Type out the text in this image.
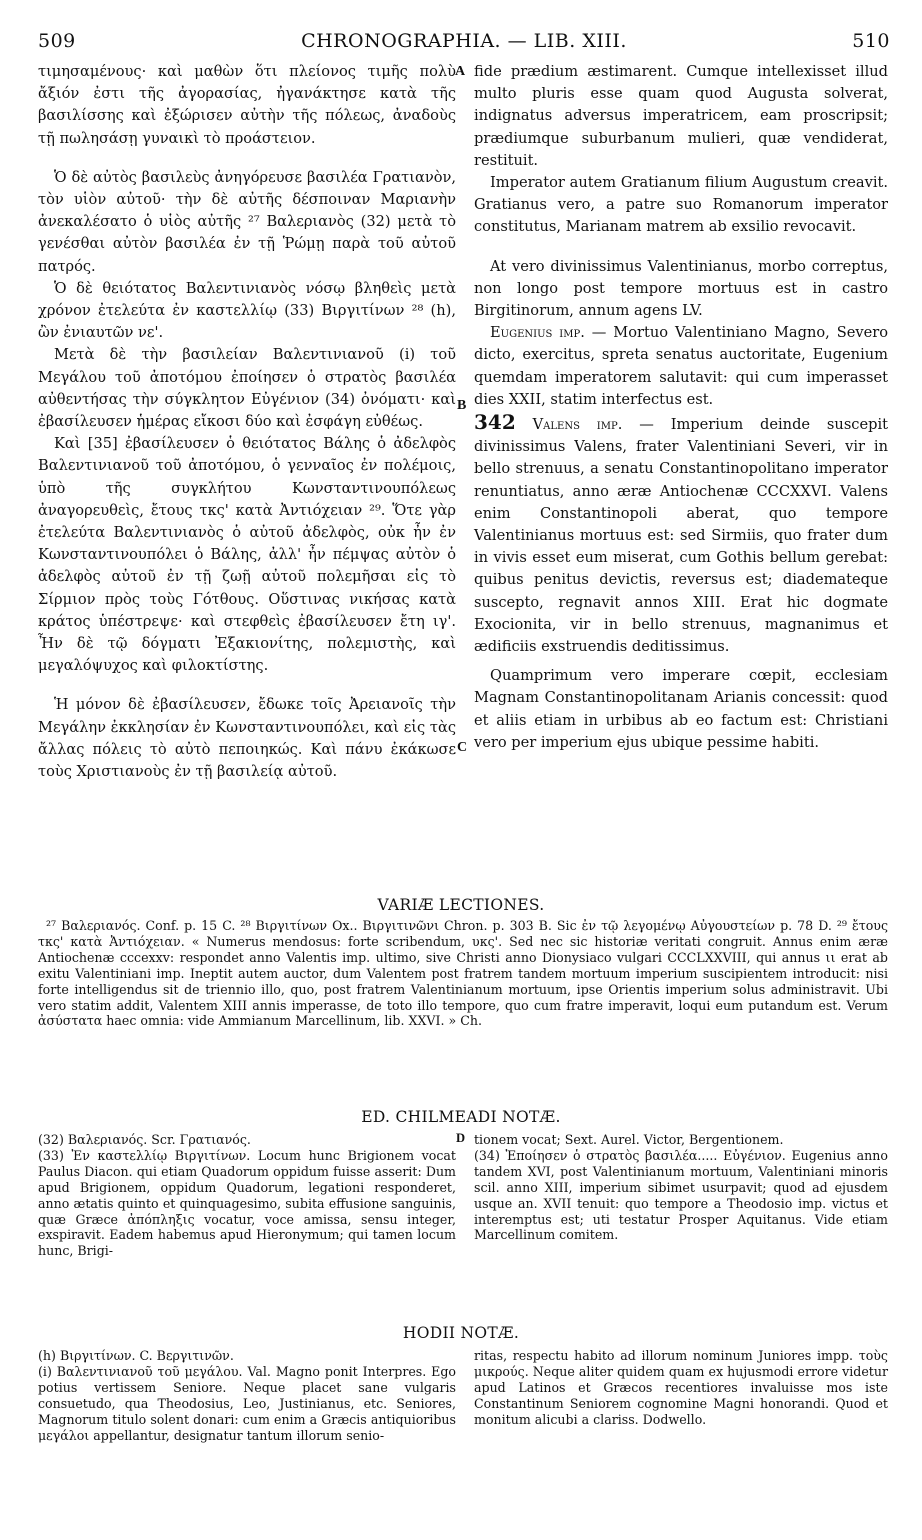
509	CHRONOGRAPHIA. — LIB. XIII.	510
A
B
C

τιμησαμένους· καὶ μαθὼν ὅτι πλείονος τιμῆς πολὺ ἄξιόν ἐστι τῆς ἀγορασίας, ἠγανάκτησε κατὰ τῆς βασιλίσσης καὶ ἐξώρισεν αὐτὴν τῆς πόλεως, ἀναδοὺς τῇ πωλησάσῃ γυναικὶ τὸ προάστειον.

Ὁ δὲ αὐτὸς βασιλεὺς ἀνηγόρευσε βασιλέα Γρατιανὸν, τὸν υἱὸν αὐτοῦ· τὴν δὲ αὐτῆς δέσποιναν Μαριανὴν ἀνεκαλέσατο ὁ υἱὸς αὐτῆς ²⁷ Βαλεριανὸς (32) μετὰ τὸ γενέσθαι αὐτὸν βασιλέα ἐν τῇ Ῥώμῃ παρὰ τοῦ αὐτοῦ πατρός.

Ὁ δὲ θειότατος Βαλεντινιανὸς νόσῳ βληθεὶς μετὰ χρόνον ἐτελεύτα ἐν καστελλίῳ (33) Βιργιτίνων ²⁸ (h), ὢν ἐνιαυτῶν νε'.

Μετὰ δὲ τὴν βασιλείαν Βαλεντινιανοῦ (i) τοῦ Μεγάλου τοῦ ἀποτόμου ἐποίησεν ὁ στρατὸς βασιλέα αὐθεντήσας τὴν σύγκλητον Εὐγένιον (34) ὀνόματι· καὶ ἐβασίλευσεν ἡμέρας εἴκοσι δύο καὶ ἐσφάγη εὐθέως.

Καὶ [35] ἐβασίλευσεν ὁ θειότατος Βάλης ὁ ἀδελφὸς Βαλεντινιανοῦ τοῦ ἀποτόμου, ὁ γενναῖος ἐν πολέμοις, ὑπὸ τῆς συγκλήτου Κωνσταντινουπόλεως ἀναγορευθεὶς, ἔτους τκς' κατὰ Ἀντιόχειαν ²⁹. Ὅτε γὰρ ἐτελεύτα Βαλεντινιανὸς ὁ αὐτοῦ ἀδελφὸς, οὐκ ἦν ἐν Κωνσταντινουπόλει ὁ Βάλης, ἀλλ' ἦν πέμψας αὐτὸν ὁ ἀδελφὸς αὐτοῦ ἐν τῇ ζωῇ αὐτοῦ πολεμῆσαι εἰς τὸ Σίρμιον πρὸς τοὺς Γότθους. Οὕστινας νικήσας κατὰ κράτος ὑπέστρεψε· καὶ στεφθεὶς ἐβασίλευσεν ἔτη ιγ'. Ἦν δὲ τῷ δόγματι Ἐξακιονίτης, πολεμιστὴς, καὶ μεγαλόψυχος καὶ φιλοκτίστης.

Ἡ μόνον δὲ ἐβασίλευσεν, ἔδωκε τοῖς Ἀρειανοῖς τὴν Μεγάλην ἐκκλησίαν ἐν Κωνσταντινουπόλει, καὶ εἰς τὰς ἄλλας πόλεις τὸ αὐτὸ πεποιηκώς. Καὶ πάνυ ἐκάκωσε τοὺς Χριστιανοὺς ἐν τῇ βασιλείᾳ αὐτοῦ.

fide prædium æstimarent. Cumque intellexisset illud multo pluris esse quam quod Augusta solverat, indignatus adversus imperatricem, eam proscripsit; prædiumque suburbanum mulieri, quæ vendiderat, restituit.

Imperator autem Gratianum filium Augustum creavit. Gratianus vero, a patre suo Romanorum imperator constitutus, Marianam matrem ab exsilio revocavit.

At vero divinissimus Valentinianus, morbo correptus, non longo post tempore mortuus est in castro Birgitinorum, annum agens LV.

Eugenius imp. — Mortuo Valentiniano Magno, Severo dicto, exercitus, spreta senatus auctoritate, Eugenium quemdam imperatorem salutavit: qui cum imperasset dies XXII, statim interfectus est.

342 Valens imp. — Imperium deinde suscepit divinissimus Valens, frater Valentiniani Severi, vir in bello strenuus, a senatu Constantinopolitano imperator renuntiatus, anno æræ Antiochenæ CCCXXVI. Valens enim Constantinopoli aberat, quo tempore Valentinianus mortuus est: sed Sirmiis, quo frater dum in vivis esset eum miserat, cum Gothis bellum gerebat: quibus penitus devictis, reversus est; diademateque suscepto, regnavit annos XIII. Erat hic dogmate Exocionita, vir in bello strenuus, magnanimus et ædificiis exstruendis deditissimus.

Quamprimum vero imperare cœpit, ecclesiam Magnam Constantinopolitanam Arianis concessit: quod et aliis etiam in urbibus ab eo factum est: Christiani vero per imperium ejus ubique pessime habiti.

VARIÆ LECTIONES.

²⁷ Βαλεριανός. Conf. p. 15 C. ²⁸ Βιργιτίνων Ox.. Βιργιτινῶνι Chron. p. 303 B. Sic ἐν τῷ λεγομένῳ Αὐγουστείων p. 78 D. ²⁹ ἔτους τκς' κατὰ Ἀντιόχειαν. « Numerus mendosus: forte scribendum, υκς'. Sed nec sic historiæ veritati congruit. Annus enim æræ Antiochenæ cccexxv: respondet anno Valentis imp. ultimo, sive Christi anno Dionysiaco vulgari CCCLXXVIII, qui annus ιι erat ab exitu Valentiniani imp. Ineptit autem auctor, dum Valentem post fratrem tandem mortuum imperium suscipientem introducit: nisi forte intelligendus sit de triennio illo, quo, post fratrem Valentinianum mortuum, ipse Orientis imperium solus administravit. Ubi vero statim addit, Valentem XIII annis imperasse, de toto illo tempore, quo cum fratre imperavit, loqui eum putandum est. Verum ἀσύστατα haec omnia: vide Ammianum Marcellinum, lib. XXVI. » Ch.

ED. CHILMEADI NOTÆ.
D

(32) Βαλεριανός. Scr. Γρατιανός.

(33) Ἐν καστελλίῳ Βιργιτίνων. Locum hunc Brigionem vocat Paulus Diacon. qui etiam Quadorum oppidum fuisse asserit: Dum apud Brigionem, oppidum Quadorum, legationi responderet, anno ætatis quinto et quinquagesimo, subita effusione sanguinis, quæ Græce ἀπόπληξις vocatur, voce amissa, sensu integer, exspiravit. Eadem habemus apud Hieronymum; qui tamen locum hunc, Brigi-

tionem vocat; Sext. Aurel. Victor, Bergentionem.

(34) Ἐποίησεν ὁ στρατὸς βασιλέα..... Εὐγένιον. Eugenius anno tandem XVI, post Valentinianum mortuum, Valentiniani minoris scil. anno XIII, imperium sibimet usurpavit; quod ad ejusdem usque an. XVII tenuit: quo tempore a Theodosio imp. victus et interemptus est; uti testatur Prosper Aquitanus. Vide etiam Marcellinum comitem.

HODII NOTÆ.

(h) Βιργιτίνων. C. Βεργιτινῶν.

(i) Βαλεντινιανοῦ τοῦ μεγάλου. Val. Magno ponit Interpres. Ego potius vertissem Seniore. Neque placet sane vulgaris consuetudo, qua Theodosius, Leo, Justinianus, etc. Seniores, Magnorum titulo solent donari: cum enim a Græcis antiquioribus μεγάλοι appellantur, designatur tantum illorum senio-

ritas, respectu habito ad illorum nominum Juniores impp. τοὺς μικρούς. Neque aliter quidem quam ex hujusmodi errore videtur apud Latinos et Græcos recentiores invaluisse mos iste Constantinum Seniorem cognomine Magni honorandi. Quod et monitum alicubi a clariss. Dodwello.
